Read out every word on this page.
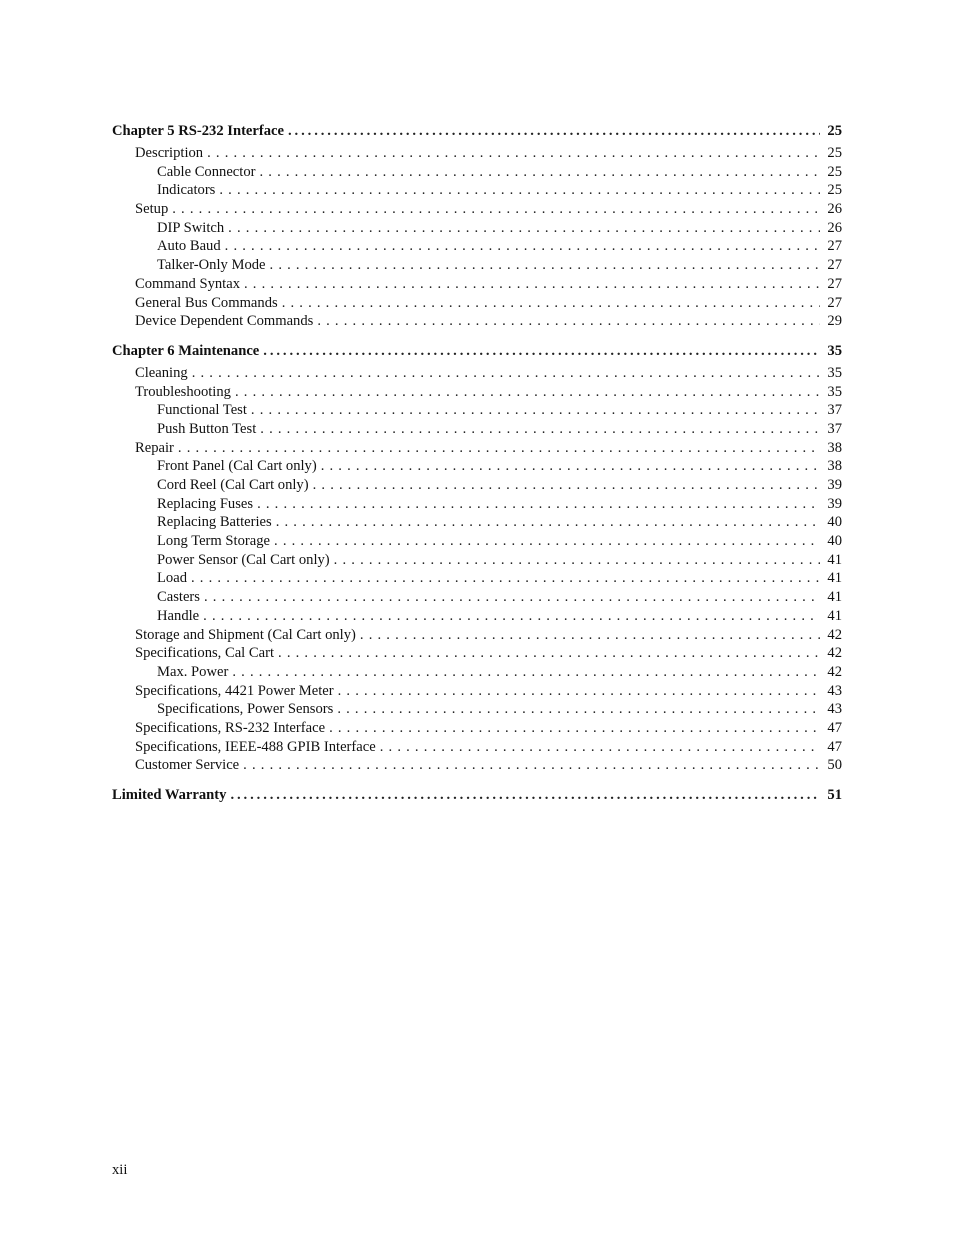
Chapter 5 RS-232 Interface .....	25
Description . . .	25
Cable Connector . . .	25
Indicators . . .	25
Setup . . .	26
DIP Switch . . .	26
Auto Baud . . .	27
Talker-Only Mode . . .	27
Command Syntax . . .	27
General Bus Commands . . .	27
Device Dependent Commands . . .	29
Chapter 6 Maintenance .....	35
Cleaning . . .	35
Troubleshooting . . .	35
Functional Test . . .	37
Push Button Test . . .	37
Repair . . .	38
Front Panel (Cal Cart only) . . .	38
Cord Reel (Cal Cart only) . . .	39
Replacing Fuses . . .	39
Replacing Batteries . . .	40
Long Term Storage . . .	40
Power Sensor (Cal Cart only) . . .	41
Load . . .	41
Casters . . .	41
Handle . . .	41
Storage and Shipment (Cal Cart only) . . .	42
Specifications, Cal Cart . . .	42
Max. Power . . .	42
Specifications, 4421 Power Meter . . .	43
Specifications, Power Sensors . . .	43
Specifications, RS-232 Interface . . .	47
Specifications, IEEE-488 GPIB Interface . . .	47
Customer Service . . .	50
Limited Warranty .....	51
xii
